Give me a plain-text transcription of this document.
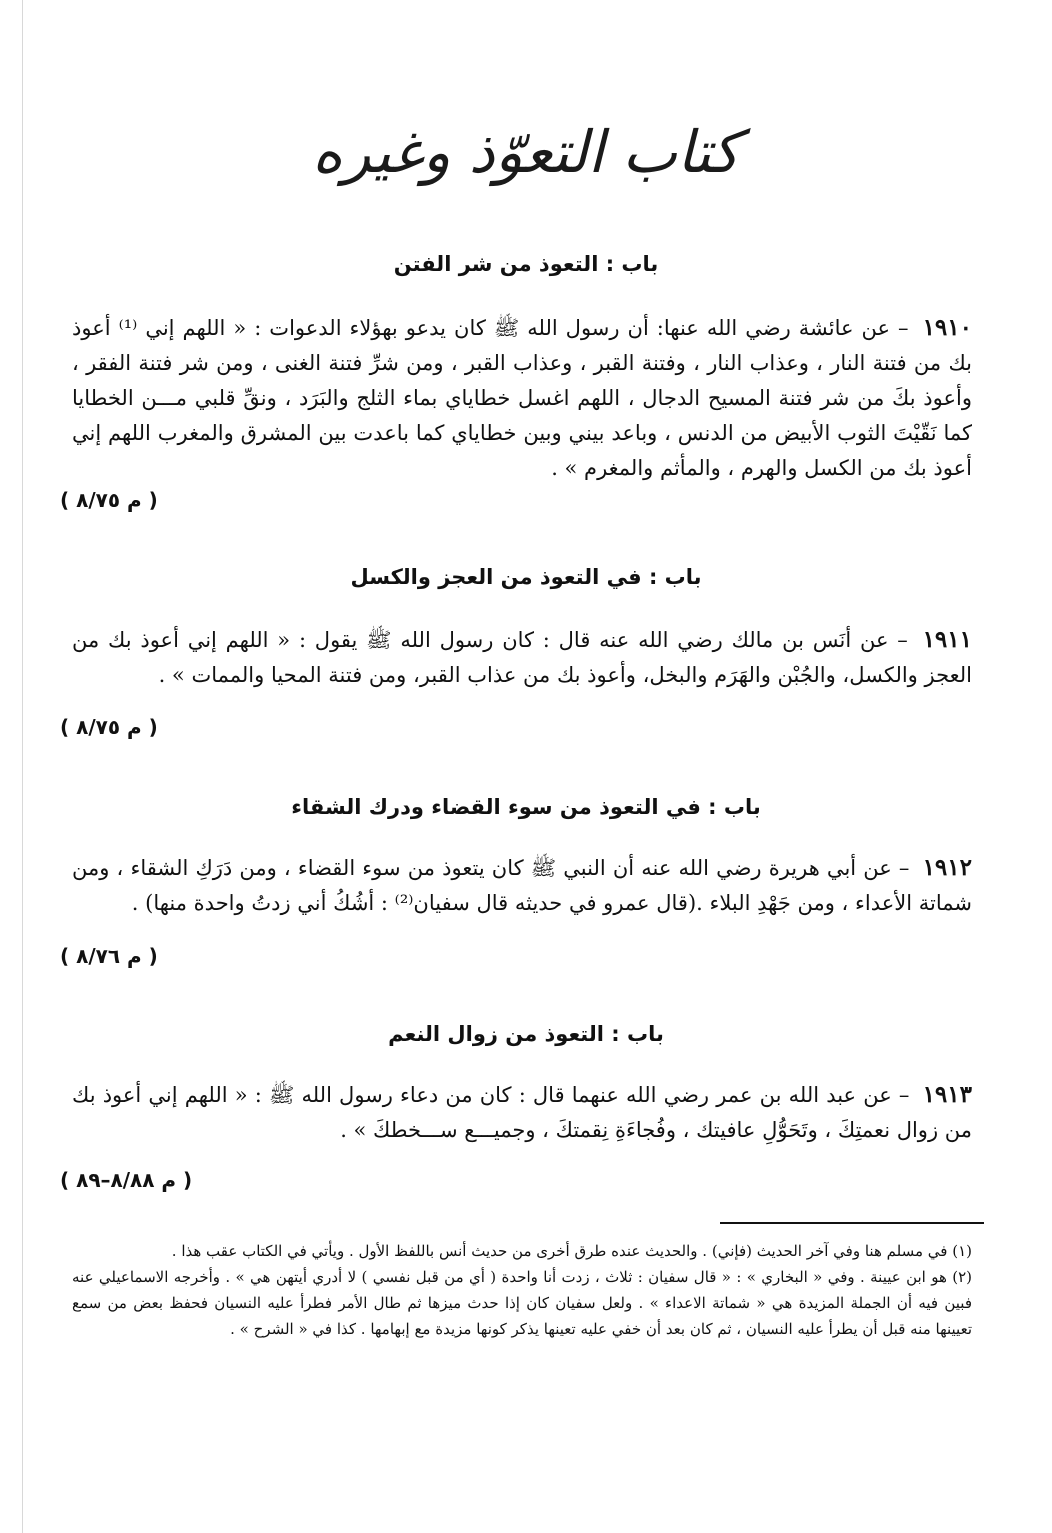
كتاب التعوّذ وغيره
باب : التعوذ من شر الفتن
١٩١٠ – عن عائشة رضي الله عنها: أن رسول الله ﷺ كان يدعو بهؤلاء الدعوات : « اللهم إني ⁽¹⁾ أعوذ بك من فتنة النار ، وعذاب النار ، وفتنة القبر ، وعذاب القبر ، ومن شرِّ فتنة الغنى ، ومن شر فتنة الفقر ، وأعوذ بكَ من شر فتنة المسيح الدجال ، اللهم اغسل خطاياي بماء الثلج والبَرَد ، ونقِّ قلبي مـــن الخطايا كما نَقّيْتَ الثوب الأبيض من الدنس ، وباعد بيني وبين خطاياي كما باعدت بين المشرق والمغرب اللهم إني أعوذ بك من الكسل والهرم ، والمأثم والمغرم » .
( م ٨/٧٥ )
باب : في التعوذ من العجز والكسل
١٩١١ – عن أنَس بن مالك رضي الله عنه قال : كان رسول الله ﷺ يقول : « اللهم إني أعوذ بك من العجز والكسل، والجُبْن والهَرَم والبخل، وأعوذ بك من عذاب القبر، ومن فتنة المحيا والممات » .
( م ٨/٧٥ )
باب : في التعوذ من سوء القضاء ودرك الشقاء
١٩١٢ – عن أبي هريرة رضي الله عنه أن النبي ﷺ كان يتعوذ من سوء القضاء ، ومن دَرَكِ الشقاء ، ومن شماتة الأعداء ، ومن جَهْدِ البلاء .(قال عمرو في حديثه قال سفيان⁽²⁾ : أشُكُ أني زدتُ واحدة منها) .
( م ٨/٧٦ )
باب : التعوذ من زوال النعم
١٩١٣ – عن عبد الله بن عمر رضي الله عنهما قال : كان من دعاء رسول الله ﷺ : « اللهم إني أعوذ بك من زوال نعمتِكَ ، وتَحَوُّلِ عافيتك ، وفُجاءَةِ نِقمتكَ ، وجميـــع ســـخطكَ » .
( م ٨/٨٨–٨٩ )

(١) في مسلم هنا وفي آخر الحديث (فإني) . والحديث عنده طرق أخرى من حديث أنس باللفظ الأول . ويأتي في الكتاب عقب هذا .

(٢) هو ابن عيينة . وفي « البخاري » : « قال سفيان : ثلاث ، زدت أنا واحدة ( أي من قبل نفسي ) لا أدري أيتهن هي » . وأخرجه الاسماعيلي عنه فبين فيه أن الجملة المزيدة هي « شماتة الاعداء » . ولعل سفيان كان إذا حدث ميزها ثم طال الأمر فطرأ عليه النسيان فحفظ بعض من سمع تعيينها منه قبل أن يطرأ عليه النسيان ، ثم كان بعد أن خفي عليه تعينها يذكر كونها مزيدة مع إبهامها . كذا في « الشرح » .
